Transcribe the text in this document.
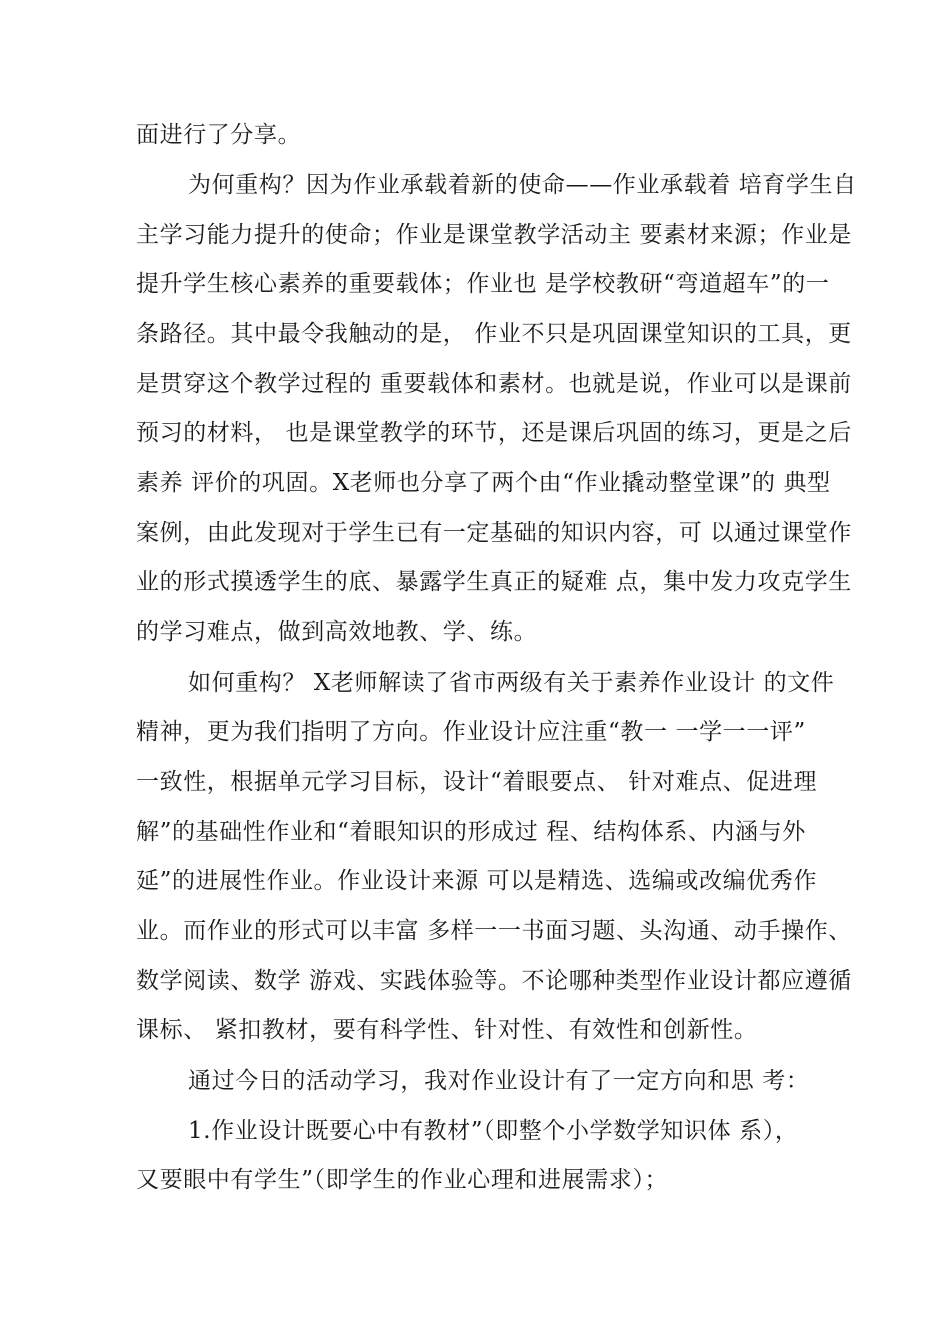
面进行了分享。
为何重构？因为作业承载着新的使命——作业承载着 培育学生自
主学习能力提升的使命；作业是课堂教学活动主 要素材来源；作业是
提升学生核心素养的重要载体；作业也 是学校教研“弯道超车”的一
条路径。其中最令我触动的是， 作业不只是巩固课堂知识的工具，更
是贯穿这个教学过程的 重要载体和素材。也就是说，作业可以是课前
预习的材料， 也是课堂教学的环节，还是课后巩固的练习，更是之后
素养 评价的巩固。X老师也分享了两个由“作业撬动整堂课”的 典型
案例，由此发现对于学生已有一定基础的知识内容，可 以通过课堂作
业的形式摸透学生的底、暴露学生真正的疑难 点，集中发力攻克学生
的学习难点，做到高效地教、学、练。
如何重构？ X老师解读了省市两级有关于素养作业设计 的文件
精神，更为我们指明了方向。作业设计应注重“教一 一学一一评”
一致性，根据单元学习目标，设计“着眼要点、 针对难点、促进理
解”的基础性作业和“着眼知识的形成过 程、结构体系、内涵与外
延”的进展性作业。作业设计来源 可以是精选、选编或改编优秀作
业。而作业的形式可以丰富 多样一一书面习题、头沟通、动手操作、
数学阅读、数学 游戏、实践体验等。不论哪种类型作业设计都应遵循
课标、 紧扣教材，要有科学性、针对性、有效性和创新性。
通过今日的活动学习，我对作业设计有了一定方向和思 考：
1.作业设计既要心中有教材”（即整个小学数学知识体 系），
又要眼中有学生”（即学生的作业心理和进展需求）；
